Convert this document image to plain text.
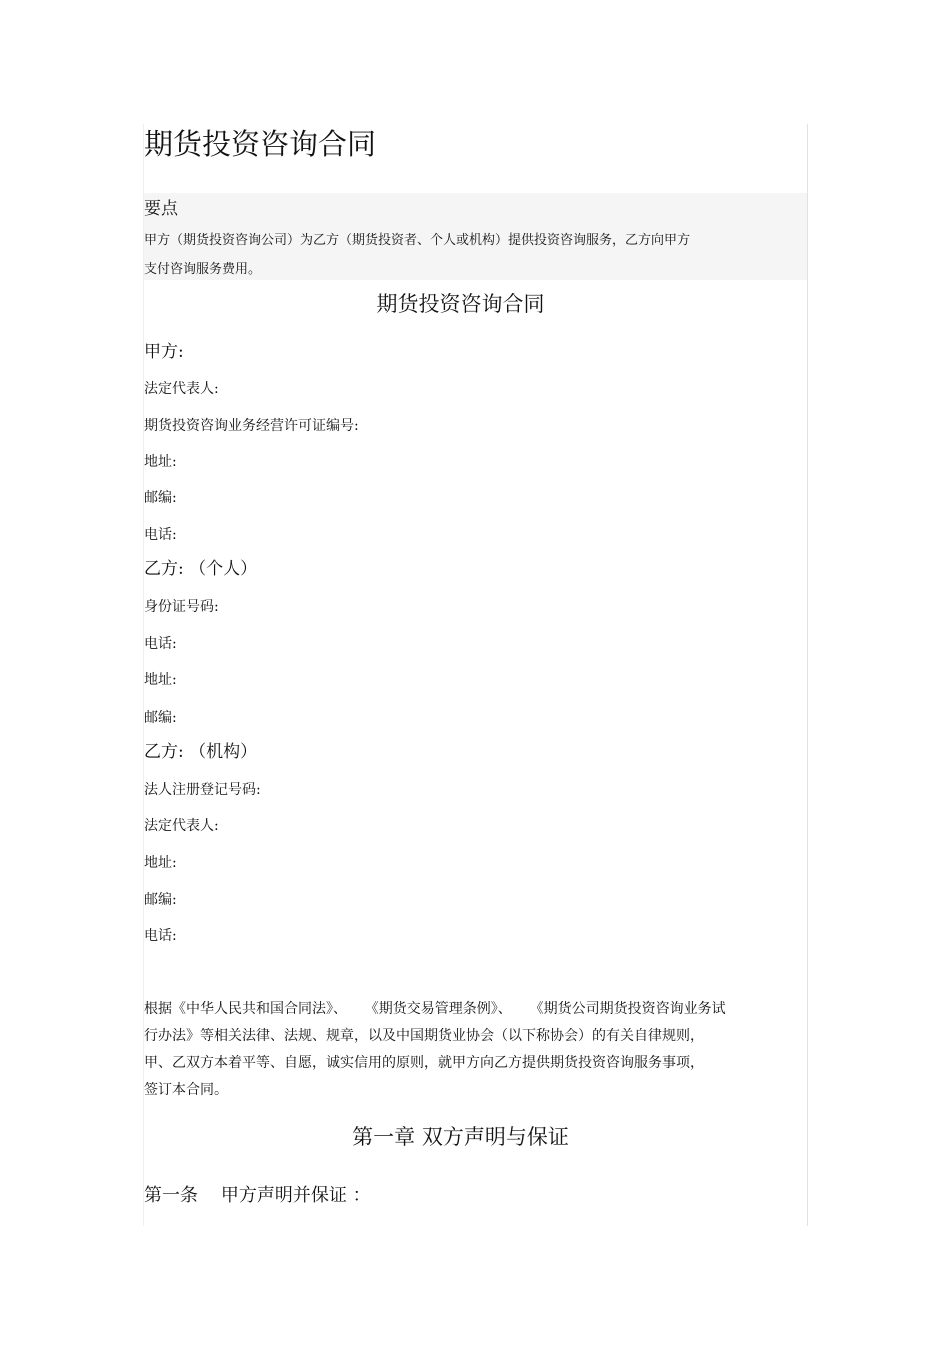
期货投资咨询合同
要点
甲方（期货投资咨询公司）为乙方（期货投资者、个人或机构）提供投资咨询服务，乙方向甲方
支付咨询服务费用。
期货投资咨询合同
甲方:
法定代表人:
期货投资咨询业务经营许可证编号:
地址:
邮编:
电话:
乙方: （个人）
身份证号码:
电话:
地址:
邮编:
乙方: （机构）
法人注册登记号码:
法定代表人:
地址:
邮编:
电话:
根据《中华人民共和国合同法》、    《期货交易管理条例》、    《期货公司期货投资咨询业务试
行办法》等相关法律、法规、规章，以及中国期货业协会（以下称协会）的有关自律规则，
甲、乙双方本着平等、自愿，诚实信用的原则，就甲方向乙方提供期货投资咨询服务事项，
签订本合同。
第一章 双方声明与保证
第一条    甲方声明并保证 ：
